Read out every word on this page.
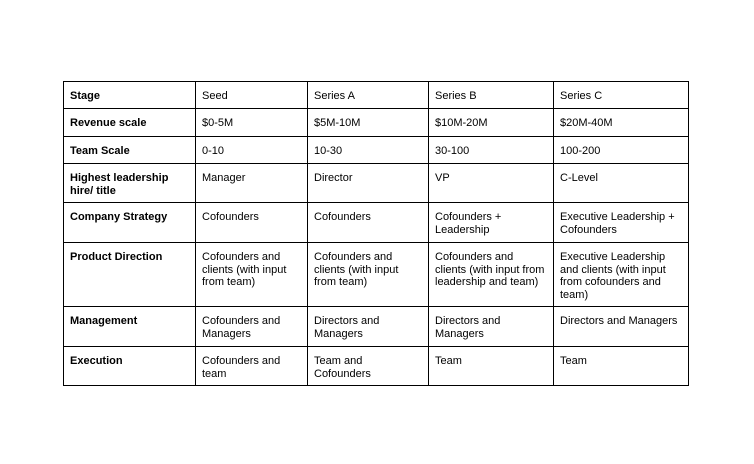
Stage	Seed	Series A	Series B	Series C
Revenue scale	$0-5M	$5M-10M	$10M-20M	$20M-40M
Team Scale	0-10	10-30	30-100	100-200
Highest leadership hire/ title	Manager	Director	VP	C-Level
Company Strategy	Cofounders	Cofounders	Cofounders + Leadership	Executive Leadership + Cofounders
Product Direction	Cofounders and clients (with input from team)	Cofounders and clients (with input from team)	Cofounders and clients (with input from leadership and team)	Executive Leadership and clients (with input from cofounders and team)
Management	Cofounders and Managers	Directors and Managers	Directors and Managers	Directors and Managers
Execution	Cofounders and team	Team and Cofounders	Team	Team
